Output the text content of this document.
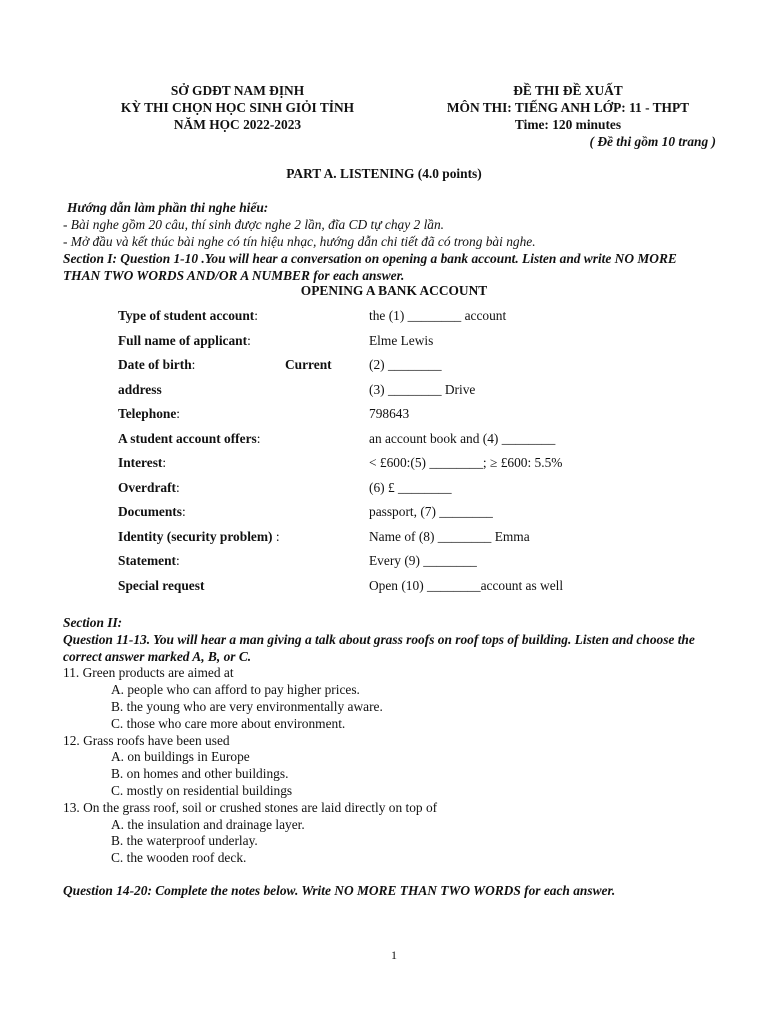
SỞ GDĐT NAM ĐỊNH
KỲ THI CHỌN HỌC SINH GIỎI TỈNH
NĂM HỌC 2022-2023
ĐỀ THI ĐỀ XUẤT
MÔN THI: TIẾNG ANH LỚP: 11 - THPT
Time: 120 minutes
( Đề thi gồm 10 trang )
PART A. LISTENING (4.0 points)
Hướng dẫn làm phần thi nghe hiểu:
- Bài nghe gồm 20 câu, thí sinh được nghe 2 lần, đĩa CD tự chạy 2 lần.
- Mở đầu và kết thúc bài nghe có tín hiệu nhạc, hướng dẫn chi tiết đã có trong bài nghe.
Section I: Question 1-10 .You will hear a conversation on opening a bank account. Listen and write NO MORE THAN TWO WORDS AND/OR A NUMBER for each answer.
OPENING A BANK ACCOUNT
Type of student account:	the (1) ________ account
Full name of applicant:	Elme Lewis
Date of birth:	Current	(2) ________
address	(3) ________ Drive
Telephone:	798643
A student account offers:	an account book and (4) ________
Interest:	< £600:(5) ________; ≥ £600: 5.5%
Overdraft:	(6) £ ________
Documents:	passport, (7) ________
Identity (security problem) :	Name of (8) ________ Emma
Statement:	Every (9) ________
Special request	Open (10) ________account as well
Section II:
Question 11-13. You will hear a man giving a talk about grass roofs on roof tops of building. Listen and choose the correct answer marked A, B, or C.
11. Green products are aimed at
A. people who can afford to pay higher prices.
B. the young who are very environmentally aware.
C. those who care more about environment.
12. Grass roofs have been used
A. on buildings in Europe
B. on homes and other buildings.
C. mostly on residential buildings
13. On the grass roof, soil or crushed stones are laid directly on top of
A. the insulation and drainage layer.
B. the waterproof underlay.
C. the wooden roof deck.
Question 14-20: Complete the notes below. Write NO MORE THAN TWO WORDS for each answer.
1
